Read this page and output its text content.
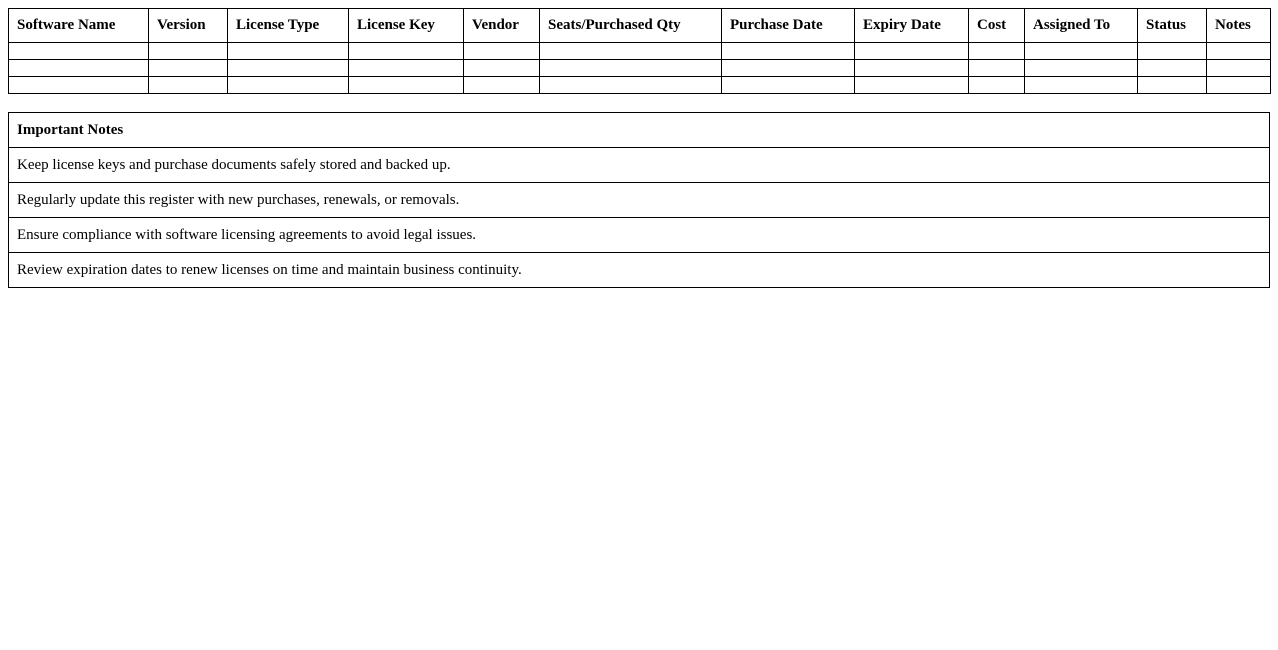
Software Name	Version	License Type	License Key	Vendor	Seats/Purchased Qty	Purchase Date	Expiry Date	Cost	Assigned To	Status	Notes

Important Notes
Keep license keys and purchase documents safely stored and backed up.
Regularly update this register with new purchases, renewals, or removals.
Ensure compliance with software licensing agreements to avoid legal issues.
Review expiration dates to renew licenses on time and maintain business continuity.
